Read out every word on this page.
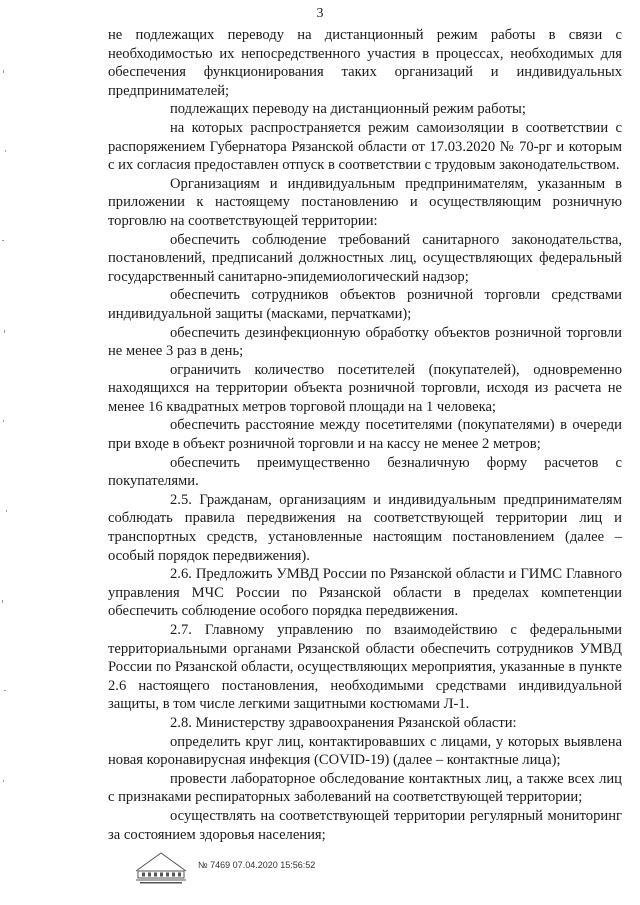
3

не подлежащих переводу на дистанционный режим работы в связи с необходимостью их непосредственного участия в процессах, необходимых для обеспечения функционирования таких организаций и индивидуальных предпринимателей;

подлежащих переводу на дистанционный режим работы;

на которых распространяется режим самоизоляции в соответствии с распоряжением Губернатора Рязанской области от 17.03.2020 № 70-рг и которым с их согласия предоставлен отпуск в соответствии с трудовым законодательством.

Организациям и индивидуальным предпринимателям, указанным в приложении к настоящему постановлению и осуществляющим розничную торговлю на соответствующей территории:

обеспечить соблюдение требований санитарного законодательства, постановлений, предписаний должностных лиц, осуществляющих федеральный государственный санитарно-эпидемиологический надзор;

обеспечить сотрудников объектов розничной торговли средствами индивидуальной защиты (масками, перчатками);

обеспечить дезинфекционную обработку объектов розничной торговли не менее 3 раз в день;

ограничить количество посетителей (покупателей), одновременно находящихся на территории объекта розничной торговли, исходя из расчета не менее 16 квадратных метров торговой площади на 1 человека;

обеспечить расстояние между посетителями (покупателями) в очереди при входе в объект розничной торговли и на кассу не менее 2 метров;

обеспечить преимущественно безналичную форму расчетов с покупателями.

2.5. Гражданам, организациям и индивидуальным предпринимателям соблюдать правила передвижения на соответствующей территории лиц и транспортных средств, установленные настоящим постановлением (далее – особый порядок передвижения).

2.6. Предложить УМВД России по Рязанской области и ГИМС Главного управления МЧС России по Рязанской области в пределах компетенции обеспечить соблюдение особого порядка передвижения.

2.7. Главному управлению по взаимодействию с федеральными территориальными органами Рязанской области обеспечить сотрудников УМВД России по Рязанской области, осуществляющих мероприятия, указанные в пункте 2.6 настоящего постановления, необходимыми средствами индивидуальной защиты, в том числе легкими защитными костюмами Л-1.

2.8. Министерству здравоохранения Рязанской области:

определить круг лиц, контактировавших с лицами, у которых выявлена новая коронавирусная инфекция (COVID-19) (далее – контактные лица);

провести лабораторное обследование контактных лиц, а также всех лиц с признаками респираторных заболеваний на соответствующей территории;

осуществлять на соответствующей территории регулярный мониторинг за состоянием здоровья населения;

№ 7469 07.04.2020 15:56:52
